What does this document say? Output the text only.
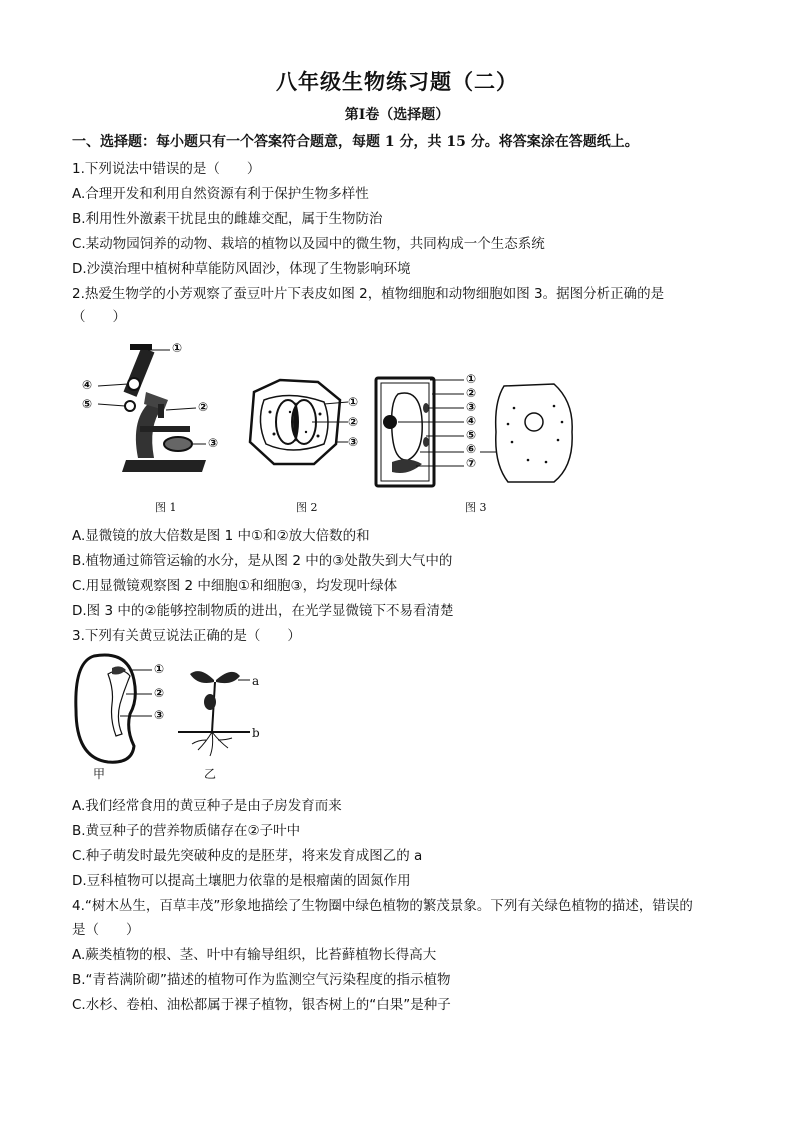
八年级生物练习题（二）
第Ⅰ卷（选择题）
一、选择题：每小题只有一个答案符合题意，每题 1 分，共 15 分。将答案涂在答题纸上。
1.下列说法中错误的是（　　）
A.合理开发和利用自然资源有利于保护生物多样性
B.利用性外激素干扰昆虫的雌雄交配，属于生物防治
C.某动物园饲养的动物、栽培的植物以及园中的微生物，共同构成一个生态系统
D.沙漠治理中植树种草能防风固沙，体现了生物影响环境
2.热爱生物学的小芳观察了蚕豆叶片下表皮如图 2，植物细胞和动物细胞如图 3。据图分析正确的是
（　　）
①
④
⑤	②
③
图 1
①
②
③
图 2
①
②
③
④
⑤
⑥
⑦
图 3
A.显微镜的放大倍数是图 1 中①和②放大倍数的和
B.植物通过筛管运输的水分，是从图 2 中的③处散失到大气中的
C.用显微镜观察图 2 中细胞①和细胞③，均发现叶绿体
D.图 3 中的②能够控制物质的进出，在光学显微镜下不易看清楚
3.下列有关黄豆说法正确的是（　　）
①
②
③
甲
a
b
乙
A.我们经常食用的黄豆种子是由子房发育而来
B.黄豆种子的营养物质储存在②子叶中
C.种子萌发时最先突破种皮的是胚芽，将来发育成图乙的 a
D.豆科植物可以提高土壤肥力依靠的是根瘤菌的固氮作用
4.“树木丛生，百草丰茂”形象地描绘了生物圈中绿色植物的繁茂景象。下列有关绿色植物的描述，错误的
是（　　）
A.蕨类植物的根、茎、叶中有输导组织，比苔藓植物长得高大
B.“青苔满阶砌”描述的植物可作为监测空气污染程度的指示植物
C.水杉、卷柏、油松都属于裸子植物，银杏树上的“白果”是种子
